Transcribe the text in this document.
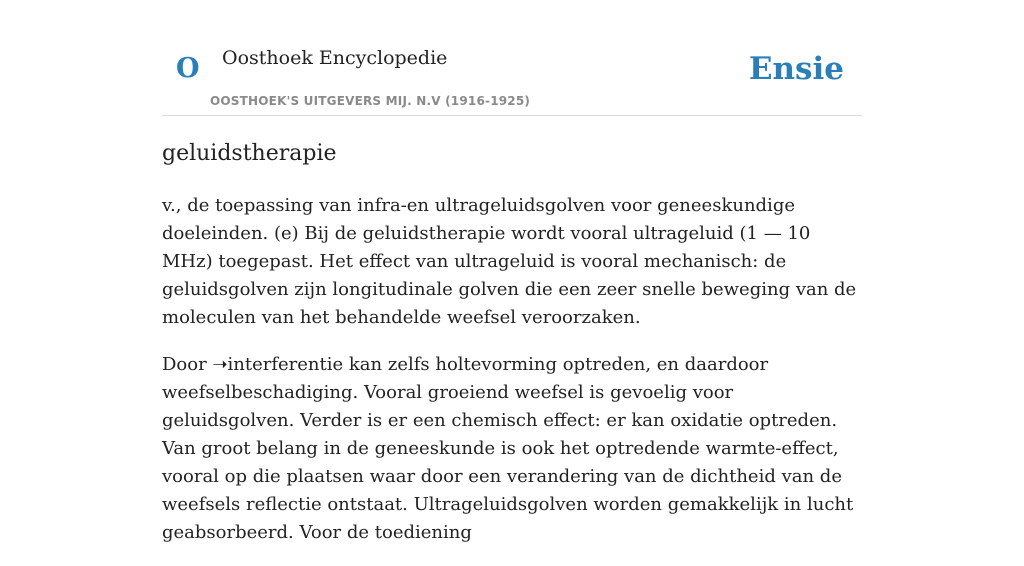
O Oosthoek Encyclopedie
OOSTHOEK'S UITGEVERS MIJ. N.V (1916-1925)
Ensie
geluidstherapie

v., de toepassing van infra-en ultrageluidsgolven voor geneeskundige doeleinden. (e) Bij de geluidstherapie wordt vooral ultrageluid (1 — 10 MHz) toegepast. Het effect van ultrageluid is vooral mechanisch: de geluidsgolven zijn longitudinale golven die een zeer snelle beweging van de moleculen van het behandelde weefsel veroorzaken.

Door ➝interferentie kan zelfs holtevorming optreden, en daardoor weefselbeschadiging. Vooral groeiend weefsel is gevoelig voor geluidsgolven. Verder is er een chemisch effect: er kan oxidatie optreden. Van groot belang in de geneeskunde is ook het optredende warmte-effect, vooral op die plaatsen waar door een verandering van de dichtheid van de weefsels reflectie ontstaat. Ultrageluidsgolven worden gemakkelijk in lucht geabsorbeerd. Voor de toediening
